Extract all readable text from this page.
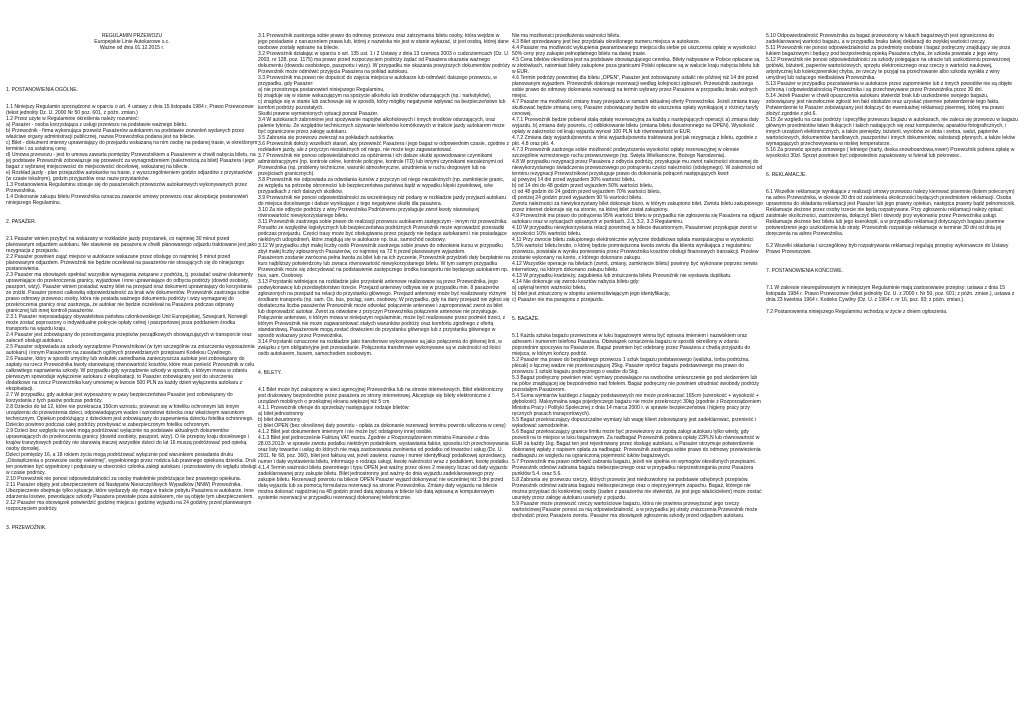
REGULAMIN PRZEWOZU
Europejskie Linie Autokarowe s.c.
Ważne od dnia 01.12.2015 r.

1. POSTANOWIENIA OGÓLNE.

1.1 Niniejszy Regulamin sporządzono w oparciu o art. 4 ustawy z dnia 15 listopada 1984 r. Prawo Przewozowe (tekst jednolity Dz. U. 2000 Nr 50 poz. 601, z późn. zmian.)

1.2 Przez użyte w Regulaminie określenia należy rozumieć:

a) Pasażer - osoba korzystająca z usługi przewozu na podstawie ważnego biletu.

b) Przewoźnik - firma wykonująca przewóz Pasażerów autokarem na podstawie zezwoleń wydanych przez właściwe organy administracji publicznej, nazwa Przewoźnika podana jest na bilecie.

c) Bilet - dokument imienny uprawniający do przejazdu wskazaną na nim osobę na podanej trasie, w określonym terminie i za ustaloną cenę.

d) Umowa przewozu - jest to umowa zawarta pomiędzy Przewoźnikiem a Pasażerem w chwili nabycia biletu, na jej podstawie Przewoźnik zobowiązuje się przewieźć za wynagrodzeniem (należnością za bilet) Pasażera i jego bagaż z wybranej miejscowości do miejscowości docelowej, wskazanej na bilecie.

e) Rozkład jazdy - plan przejazdów autokarów na trasie, z wyszczególnieniem godzin odjazdów z przystanków (w czasie lokalnym), godzin przyjazdów oraz nazw przystanków.

1.3 Postanowienia Regulaminu stosuje się do pasażerskich przewozów autokarowych wykonywanych przez Przewoźnika.

1.4 Dokonanie zakupu biletu Przewoźnika oznacza zawarcie umowy przewozu oraz akceptację postanowień niniejszego Regulaminu.

2. PASAŻER.

2.1 Pasażer winien przybyć na wskazany w rozkładzie jazdy przystanek, co najmniej 30 minut przed planowanym odjazdem autokaru. Nie stawienie się pasażera w chwili planowanego odjazdu traktowane jest jako rezygnacja z przejazdu.

2.2 Pasażer powinien zająć miejsce w autokarze wskazane przez obsługę co najmniej 5 minut przed planowanym odjazdem. Przewoźnik nie będzie oczekiwał na pasażerów nie stosujących się do niniejszego postanowienia.

2.3 Pasażer ma obowiązek spełniać wszystkie wymagania związane z podróżą, tj. posiadać ważne dokumenty uprawniające do przekroczenia granicy, wyjazdowe i inne uprawniające do odbycia podróży (dowód osobisty, paszport, wizy). Pasażer winien posiadać ważny bilet na przejazd oraz dokument uprawniający do korzystania ze zniżki. Pasażer ponosi całkowitą odpowiedzialność za brak w/w dokumentów. Przewoźnik zastrzega sobie prawo odmowy przewozu osoby, która nie posiada ważnego dokumentu podróży i wizy wymaganej do przekroczenia granicy oraz zastrzega, że autokar nie będzie oczekiwał na Pasażera podczas odprawy granicznej lub innej kontroli pasażerów.

2.3.1 Pasażer nieposiadający obywatelstwa państwa członkowskiego Unii Europejskiej, Szwajcarii, Norwegii może zostać poproszony o indywidualne pokrycie opłaty celnej i paszportowej poza poddaniem środka transportu na wjazdu kraju.

2.4 Pasażer jest zobowiązany do przestrzegania przepisów porządkowych obowiązujących w transporcie oraz zaleceń obsługi autokaru.

2.5 Pasażer odpowiada za szkody wyrządzone Przewoźnikowi (w tym szczególnie za zniszczenia wyposażenia autokaru) i innym Pasażerom na zasadach ogólnych przewidzianych przepisami Kodeksu Cywilnego.

2.6 Pasażer, który w sposób umyślny lub wskutek zaniedbania zanieczyszcza autokar jest zobowiązany do zapłaty na rzecz Przewoźnika kwoty stanowiącej równowartość kosztów, które musi ponieść Przewoźnik w celu całkowitego naprawienia szkody. W przypadku gdy wyrządzenie szkody w sposób, o którym mowa w zdaniu pierwszym spowoduje wyłączenie autokaru z eksploatacji, to Pasażer zobowiązany jest do uiszczenia dodatkowo na rzecz Przewoźnika kary umownej w kwocie 500 PLN za każdy dzień wyłączenia autokaru z eksploatacji.

2.7 W przypadku, gdy autokar jest wyposażony w pasy bezpieczeństwa Pasażer jest zobowiązany do korzystania z tych pasów podczas podróży.

2.8 Dziecko do lat 12, które nie przekracza 150cm wzrostu, przewozi się w foteliku ochronnym lub innym urządzeniu do przewożenia dzieci, odpowiadającym wadze i wzrostowi dziecka oraz właściwym warunkom technicznym. Opiekun podróżujący z dzieckiem jest zobowiązany do zapewnienia dziecku fotelika ochronnego. Dziecko powinno podczas całej podróży przebywać w zabezpieczonym foteliku ochronnym.

2.9 Dzieci bez względu na wiek mogą podróżować wyłącznie na podstawie aktualnych dokumentów uprawniających do przekroczenia granicy (dowód osobisty, paszport, wizy). O ile przepisy kraju docelowego i krajów tranzytowych podróży nie stanowią inaczej wszystkie dzieci do lat 16 muszą podróżować pod opieką osoby dorosłej.

Dzieci pomiędzy 16, a 18 rokiem życia mogą podróżować wyłącznie pod warunkiem posiadania druku „Oświadczenia o przewozie osoby nieletniej", wypełnionego przez rodzica lub prawnego opiekuna dziecka. Druk ten powinien być wypełniony i podpisany w obecności członka załogi autokaru i pozostawiony do wglądu obsługi w czasie podróży.

2.10 Przewoźnik nie ponosi odpowiedzialności za osoby małoletnie podróżujące bez prawnego opiekuna.

2.11 Pasażer objęty jest ubezpieczeniem od Następstw Nieszczęśliwych Wypadków (NNW) Przewoźnika. Ubezpieczenie obejmuje tylko sytuacje, które wydarzyły się mogą w trakcie pobytu Pasażera w autokarze. Inne zdarzenia losowe, powodujące szkody Pasażera powstałe poza autokarem, nie są objęte tym ubezpieczeniem.

2.12 Pasażer ma obowiązek potwierdzić godzinę miejsca i godzinę wyjazdu na 24 godziny przed planowanym rozpoczęciem podróży.

3. PRZEWOŹNIK.

3.1 Przewoźnik zastrzega sobie prawo do odmowy przewozu oraz zatrzymania biletu osoby, która wejdzie w jego posiadanie z naruszeniem prawa lub, której z nazwiska nie jest w stanie wykazać, iż jest osobą, której dane osobowe zostały wpisane na bilecie.

3.2 Przewoźnik działając w oparciu o art. 135 ust. 1 i 2 Ustawy z dnia 13 czerwca 2003 o cudzoziemcach (Dz. U. 2003, nr 128, poz. 1175) ma prawo przed rozpoczęciem podróży żądać od Pasażera okazania ważnego dokumentu (dowodu osobistego, paszportu i wizy). W przypadku nie okazania powyższych dokumentów podróży Przewoźnik może odmówić przyjęcia Pasażera na pokład autokaru.

3.3 Przewoźnik ma prawo nie dopuścić do zajęcia miejsca w autokarze lub odmówić dalszego przewozu, w przypadku, gdy Pasażer:

a) nie przestrzega postanowień niniejszego Regulaminu,

b) znajduje się w stanie wskazującym na spożycie alkoholu lub środków odurzających (np.: narkotyków),

c) znajduje się w stanie lub zachowuje się w sposób, który mógłby negatywnie wpływać na bezpieczeństwo lub komfort podróży pozostałych.

Skutki prawne wymienionych sytuacji ponosi Pasażer.

3.4 W autokarach zabronione jest spożywanie napojów alkoholowych i innych środków odurzających, oraz palenie tytoniu. Ze względów technicznych używanie telefonów komórkowych w trakcie jazdy autokarem może być ograniczone przez załogę autokaru.

3.5 Zabrania się przewozu zwierząt na pokładach autokarów.

3.6 Przewoźnik dołoży wszelkich starań, aby przewieźć Pasażera i jego bagaż w odpowiednim czasie, zgodnie z rozkładem jazdy, ale z przyczyn niezależnych od niego, nie może tego zagwarantować.

3.7 Przewoźnik nie ponosi odpowiedzialności za opóźnienia i ich dalsze skutki spowodowane czynnikami administracyjnymi (np. kontrole celne, kontrole policyjne, kontrole ITD) lub innymi czynnikami niezależnymi od Przewoźnika (np. problemy techniczne, warunki atmosferyczne, utrudnienia w ruchu drogowym lub na przejściach granicznych).

3.8 Przewoźnik nie odpowiada za odwołania kursów z przyczyn od niego niezależnych (np. zamknięcie granic, ze względu na potrzebę obronności lub bezpieczeństwa państwa bądź w wypadku klęski żywiołowej, w/w przypadkach z nich dalszych skutków.

3.9 Przewoźnik nie ponosi odpowiedzialności za wcześniejszy niż podany w rozkładzie jazdy przyjazd autokaru do miejsca docelowego i dalsze wynikające z tego negatywne skutki dla pasażera.

3.10 Za nie odbycie podróży z winy Przewoźnika Podróżnemu przysługuje zwrot kwoty stanowiącej równowartość niewykorzystanego biletu.

3.11 Przewoźnik zastrzega sobie prawo do realizacji przewozu autokarem zastępczym - innym niż przewoźnika. Ponadto ze względów logistycznych lub bezpieczeństwa podróżnych Przewoźnik może wprowadzić przesiadki podczas przejazdu. Części trasy może być obsługiwana przez pojazdy nie będące autokarami i nie posiadające niektórych udogodnień, które znajdują się w autokarze np. bus, samochód osobowy.

3.12 W przypadku zbyt małej liczby osób Przewoźnik zastrzega sobie prawo do odwołania kursu w przypadku zbyt małej liczby zgłoszonych Pasażerów, co najmniej na 72 h przed planowanym wyjazdem.

Pasażerom zostanie zwrócona pełna kwota za bilet lub na ich życzenie, Przewoźnik przydzieli daty bezpłatnie na kurs najbliższy potwierdzony lub zwraca równowartość niewykorzystanego biletu. W tym samym przypadku Przewoźnik może się zdecydować na podstawienie zastępczego środka transportu nie będącego autokarem np. bus, sam. Osobowy.

3.13 Przystanki widniejące na rozkładzie jako przystanki antenowe realizowane są przez Przewoźnika, jego podwykonawcę lub przedsiębiorstwo trzecie. Przejazd antenowy odbywa się w przypadku min. 8 pasażerów zgłoszonych na przejazd na relacji do przystanku głównego. Przejazd antenowy może być realizowany różnymi środkami transportu (np. sam. Os. bus, pociąg, sam. osobowy. W przypadku, gdy na dany przejazd nie zgłosi się dostateczna liczba pasażerów Przewoźnik może odwołać połączenie antenowe i zaproponować zwrot za bilet lub doprowadzić autokar. Zwrot za odwołane z przyczyn Przewoźnika połączenie antenowe nie przysługuje. Połączenie antenowe, o którym mowa w niniejszym regulaminie, może być realizowane przez podmiot trzeci, z którym Przewoźnik nie może zagwarantować stałych warunków podróży oraz komfortu zgodnego z ofertą standardową. Pasażerowie mogą zostać dowiezieni do przystanku głównego lub z przystanku głównego w sposób wskazany przez Przewoźnika.

3.14 Przystanki oznaczone na rozkładzie jako transferowe wykonywane są jako połączenia do głównej linii, w związku z tym obligatoryjne jest przesiadanie. Połączenia transferowe wykonywane są w zależności od ilości osób autokarem, busem, samochodem osobowym.

4. BILETY.

4.1 Bilet może być zakupiony w sieci agencyjnej Przewoźnika lub na stronie internetowych. Bilet elektroniczny jest drukowany bezpośrednio przez pasażera ze strony internetowej. Akceptuje się bilety elektroniczne z urządzeń mobilnych o przekątnej ekranu większej niż 5 cm.

4.1.1 Przewoźnik oferuje do sprzedaży następujące rodzaje biletów:

a) bilet jednostronny

b) bilet dwustronny

c) bilet OPEN (bez określonej daty powrotu - opłata za dokonanie rezerwacji terminu powrotu wliczona w cenę)

4.1.2 Bilet jest dokumentem imiennym i nie może być odstąpiony innej osobie.

4.1.3 Bilet jest jednocześnie Fakturą VAT marża. Zgodnie z Rozporządzeniem ministra Finansów z dnia 28.03.2012r. w sprawie zwrotu podatku niektórym podatnikom, wystawiania faktur, sposobu ich przechowywania oraz listy towarów i usług do których nie mają zastosowania zwolnienia od podatku od towarów i usług (Dz. U. 2011, Nr 68, poz. 360), bilet jest fakturą vat, jeżeli zawiera: nazwę i numer identyfikacji podatkowej sprzedawcy, numer i datę wystawienia biletu, informację o rodzaju usługi, kwotę należności wraz z podatkiem, kwotę podatku.

4.1.4 Termin ważności biletu powrotnego i typu OPEN jest ważny przez okres 2 miesięcy liczac od daty wyjazdu zadeklarowanej przy zakupie biletu. Bilet jednostronny jest ważny do dnia wyjazdu zadeklarowanego przy zakupie biletu. Rezerwacji powrotu na bilecie OPEN Pasażer wyjazd dokonywać nie wcześniej niż 3 dni przed datą wyjazdu lub za pomocą formularza rezerwacji na stronie Przewoźnika. Zmiany daty wyjazdu na bilecie można dokonać najpóźniej na 48 godzin przed datą wpisaną w bilecie lub datą wpisaną w komputerowym systemie rezerwacji w przypadku rezerwacji dokonanej telefonicznie.

Nie ma możliwości przedłużenia ważności biletu.

4.3 Bilet sprzedawany jest bez przydziału określonego numeru miejsca w autokarze.

4.4 Pasażer ma możliwość wykupienia gwarantowanego miejsca dla siebie po uiszczeniu opłaty w wysokości 50% ceny przy zakupie pełnopłatnego biletu na danej trasie.

4.5 Cena biletów określona jest na podstawie obowiązującego cennika. Bilety nabywane w Polsce opłacane są w złotówkach, natomiast bilety zakupione poza granicami Polski opłacane są w walucie kraju nabycia biletu lub w EUR.

4.6 Termin podróży powrotnej dla biletu „OPEN", Pasażer jest zobowiązany ustalić nie później niż 14 dni przed planowanym wyjazdem. Przewoźnik dokonuje rezerwacji według kolejności zgłoszeń. Przewoźnik zastrzega sobie prawo do odmowy dokonania rezerwacji na termin wybrany przez Pasażera w przypadku braku wolnych miejsc.

4.7 Pasażer ma możliwość zmiany trasy przejazdu w ramach aktualnej oferty Przewoźnika. Jeżeli zmiana trasy skutkować będzie zmianą ceny, Pasażer zobowiązany będzie do uiszczenia opłaty wynikającej z różnicy taryfy cenowej.

4.7.1 Przewoźnik będzie pobierał stałą opłatę rezerwacyjną za każdą z następujących operacji: a) zmiana daty wyjazdu, b) zmiana daty powrotu, c) odblokowanie biletu (zmiana biletu dwustronnego na OPEN). Wysokość opłaty w zależności od kraju wyjazdu wynosi 100 PLN lub równowartość w EUR.

4.7.2 Zmiana daty wyjazdu/powrotu w dniu wyjazdu/powrotu traktowana jest jak rezygnacja z biletu, zgodnie z pkt. 4.8 oraz pkt. 4.

4.7.3 Przewoźnik zastrzega sobie możliwość podwyższenia wysokości opłaty rezerwacyjnej w okresie szczególnie wzmożonego ruchu przewozowego (np. Święta Wielkanocne, Bożego Narodzenia).

4.8 W przypadku rezygnacji przez Pasażera z odbycia podróży, przysługuje mu zwrot należności stosownej do niewykorzystanego świadczenia przewozowego po potrąceniu części należności (odstępnego). W zależności od terminu rezygnacji Przewoźnikowi przysługuje prawo do dokonania potrąceń następujących kwot:

a) powyżej 14 dni przed wyjazdem 30% wartości biletu,

b) od 14 dni do 48 godzin przed wyjazdem 50% wartości biletu,

c) od 48 godzin do 24 godzin przed wyjazdem 70% wartości biletu,

d) poniżej 24 godzin przed wyjazdem 90 % wartości biletu.

Zwrotu należności za niewykorzystany bilet dokonuje biuro, w którym zakupiono bilet. Zwrotu biletu zakupionego przez internet dokonuje się na stronie, na której bilet został zakupiony.

4.9 Przewoźnik ma prawo do potrącenia 95% wartości biletu w przypadku nie zgłoszenia się Pasażera na odjazd autokaru oraz w sytuacjach opisanych w punktach, 2.3, 3.2, 3.3 Regulaminu.

4.10 W przypadku niewykorzystania relacji powrotnej w bilecie dwustronnym, Pasażerowi przysługuje zwrot w wysokości 10% wartości biletu.

4.11 Przy zwrocie biletu zakupionego elektronicznie wytyczne dodatkowa opłata manipulacyjna w wysokości 5,5% wartości biletu brutto, o której będzie pomniejszona kwota zwrotu dla klienta wynikająca z regulaminu przewozu, powstała w wyniku poniesienia przez Przewoźnika kosztów obsługi finansowych transakcji. Przelew zostanie wykonany na konto, z którego dokonano zakupu.

4.12 Wszystkie operacje na biletach (zwrot, zmiany, zamknięcie biletu) powinny być wykonane poprzez serwis internetowy, na którym dokonano zakupu biletu.

4.13 W przypadku kradzieży, zagubienia lub zniszczenia biletu Przewoźnik nie wystawia duplikatu.

4.14 Nie dokonuje się zwrotu kosztów nabycia biletu gdy:

a) upłynął termin ważności biletu,

b) bilet jest zniszczony w stopniu uniemożliwiającym jego identyfikację,

c) Pasażer nie ma paragonu z przejazdu.

5. BAGAŻE.

5.1 Każda sztuka bagażu przewożona w luku bagażowym winna być opisana imieniem i nazwiskiem oraz adresem i numerem telefonu Pasażera. Obowiązek oznaczenia bagażu w sposób określony w zdaniu poprzednim spoczywa na Pasażerze. Bagaż powinien być odebrany przez Pasażera z chwilą przyjazdu do miejsca, w którym kończy podróż.

5.2 Pasażer ma prawo do bezpłatnego przewozu 1 sztuk bagażu podstawowego (walizka, torba podróżna, plecak) o łącznej wadze nie przekraczającej 25kg. Pasażer oprócz bagażu podstawowego ma prawo do przewozu 1 sztuki bagażu podręcznego o wadze do 5kg.

5.3 Bagaż podręczny powinien mieć wymiary pozwalające na swobodne umieszczenie go pod siedzeniem lub na półce znajdującej się bezpośrednio nad fotelem. Bagaż podręczny nie powinien utrudniać swobody podróży pozostałym Pasażerom.

5.4 Suma wymiarów każdego z bagaży podstawowych nie może przekraczać 165cm (szerokość + wysokość + głębokość). Maksymalna waga pojedynczego bagażu nie może przekroczyć 30kg (zgodnie z Rozporządzeniem Ministra Pracy i Polityki Społecznej z dnia 14 marca 2000 r. w sprawie bezpieczeństwa i higieny pracy przy ręcznych pracach transportowych).

5.5 Bagaż przekraczający dopuszczalne wymiary lub wagę klient zobowiązany jest zadeklarować, przenieść i wyładować samodzielnie.

5.6 Bagaż przekraczający granice limitu może być przewieziony za zgodą załogi autokaru tylko wtedy, gdy pozwoli na to miejsce w luku bagażowym. Za nadbagaż Przewoźnik pobiera opłatę 22PLN lub równowartość w EUR za każdy 1kg. Bagaż ten jest rejestrowany przez obsługę autokaru, a Pasażer otrzymuje potwierdzenie dokonanej wpłaty z napisem opłata za nadbagaż. Przewoźnik zastrzega sobie prawo do odmowy przewiezienia nadbagażu ze względu na ograniczoną pojemność luków bagażowych.

5.7 Przewoźnik ma prawo odmówić zabrania bagażu, jeżeli nie spełnia on wymogów określonych przepisami. Przewoźnik odmówi zabrania bagażu niebezpiecznego oraz w przypadku nieprzestrzegania przez Pasażera punktów 5.4. oraz 5.6.

5.8 Zabrania się przewozu rzeczy, których przewóz jest niedozwolony na podstawie odrębnych przepisów. Przewoźnik odmówi zabrania bagażu niebezpiecznego oraz o nieprzyjemnym zapachu. Bagaż, którego nie można przypisać do konkretnej osoby (żaden z pasażerów nie stwierdzi, że jest jego właścicielem) może zostać usunięty przez załogę autokaru usunięty z pojazdu.

5.9 Pasażer może przewozić rzeczy wartościowe bagażu, która nie powinna przewyższać jego rzeczy wartościowej Pasażer ponosi za nią odpowiedzialność, a w przypadku jej utraty zniszczenia Przewoźnik może dochodzić przez Pasażera zwrotu. Pasażer ma obowiązek zgłoszenia szkody przed odjazdem autokaru.

5.10 Odpowiedzialność Przewoźnika za bagaż przewożony w lukach bagażowych jest ograniczona do zadeklarowanej wartości bagażu, a w przypadku braku takiej deklaracji do zwykłej wartości rzeczy.

5.11 Przewoźnik nie ponosi odpowiedzialności za przedmioty osobiste i bagaż podręczny znajdujący się poza lukiem bagażowym i będący pod bezpośrednią opieką Pasażera chyba, że szkoda powstała z jego winy.

5.12 Przewoźnik nie ponosi odpowiedzialności za szkody polegające na utracie lub uszkodzeniu przewożonej gotówki, biżuterii, papierów wartościowych, sprzętu elektronicznego oraz rzeczy o wartości naukowej, artystycznej lub kolekcjonerskiej chyba, że rzeczy te przyjął na przechowanie albo szkoda wynikła z winy umyślnej lub rażącego niedbalstwa Przewoźnika.

5.13 Pasażer w przypadku pozostawienia w autokarze przez zapomnienie lub z innych powodów nie są objęte ochroną i odpowiedzialnością Przewoźnika i są przechowywane przez Przewoźnika przez 30 dni.

5.14 Jeżeli Pasażer w chwili opuszczenia autokaru stwierdzi brak lub uszkodzenie swojego bagażu, zobowiązany jest niezwłocznie zgłosić ten fakt obsłudze oraz uzyskać pisemne potwierdzenie tego faktu. Potwierdzenie to Pasażer zobowiązany jest dołączyć do ewentualnej reklamacji pisemnej, której ma prawo złożyć zgodnie z pkt.6.

5.15 Ze względu na czas podróży i specyfikę przewozu bagażu w autokarach, nie zaleca się przewozu w bagażu głównym przedmiotów łatwo tłukących i takich nadających się oraz komputerów, aparatów fotograficznych, i innych urządzeń elektronicznych, a także pieniędzy, biżuterii, wyrobów ze złota i srebra, walut, papierów wartościowych, dokumentów handlowych, paszportów i innych dokumentów, substancji płynnych, a także leków wymagających przechowywania w niskiej temperaturze.

5.16 Za przewóz sprzętu zimowego ( letniego (narty, deska snowboardowa,rower) Przewoźnik pobiera opłatę w wysokości 30zł. Sprzęt powinien być odpowiednio zapakowany w futerał lub pokrowiec.

6. REKLAMACJE.

6.1 Wszelkie reklamacje wynikające z realizacji umowy przewozu należy kierować pisemnie (listem poleconym) na adres Przewoźnika, w okresie 30 dni od zaistnienia okoliczności będących przedmiotem reklamacji. Osoba uprawniona do składania reklamacji jest Pasażer lub jego prawny opiekun, następca prawny bądź pełnomocnik. Reklamacje złożone przez osoby trzecie nie będą rozpatrywane. Przy zgłoszeniu reklamacji należy opisać zaistniałe okoliczności, zastrzeżenia, dołączyć bilet i dowody przy wykonaniu przez Przewoźnika usługi. Reklamacje złożone bez biletu lub jego kserokopii, a w przypadku reklamacji dotyczących bagażu pisemne potwierdzenie jego uszkodzenia lub straty. Przewoźnik rozpatruje reklamacje w terminie 30 dni od dnia jej doręczenia na adres Przewoźnika.

6.2 Wszelki składania i szczegółowy tryb rozpatrywania reklamacji regulują przepisy wykonawcze do Ustawy Prawo Przewozowe.

7. POSTANOWIENIA KOŃCOWE.

7.1 W zakresie nieuregulowanym w niniejszym Regulaminie mają zastosowanie przepisy: ustawa z dnia 15 listopada 1984 r. Prawo Przewozowe (tekst jednolity Dz. U. z 2000 r. Nr 50, poz. 601; z późn. zmian.), ustawa z dnia 23 kwietnia 1964 r. Kodeks Cywilny (Dz. U. z 1964 r. nr 16, poz. 93; z późn. zmian.).

7.2 Postanowienia niniejszego Regulaminu wchodzą w życie z dniem ogłoszenia.
